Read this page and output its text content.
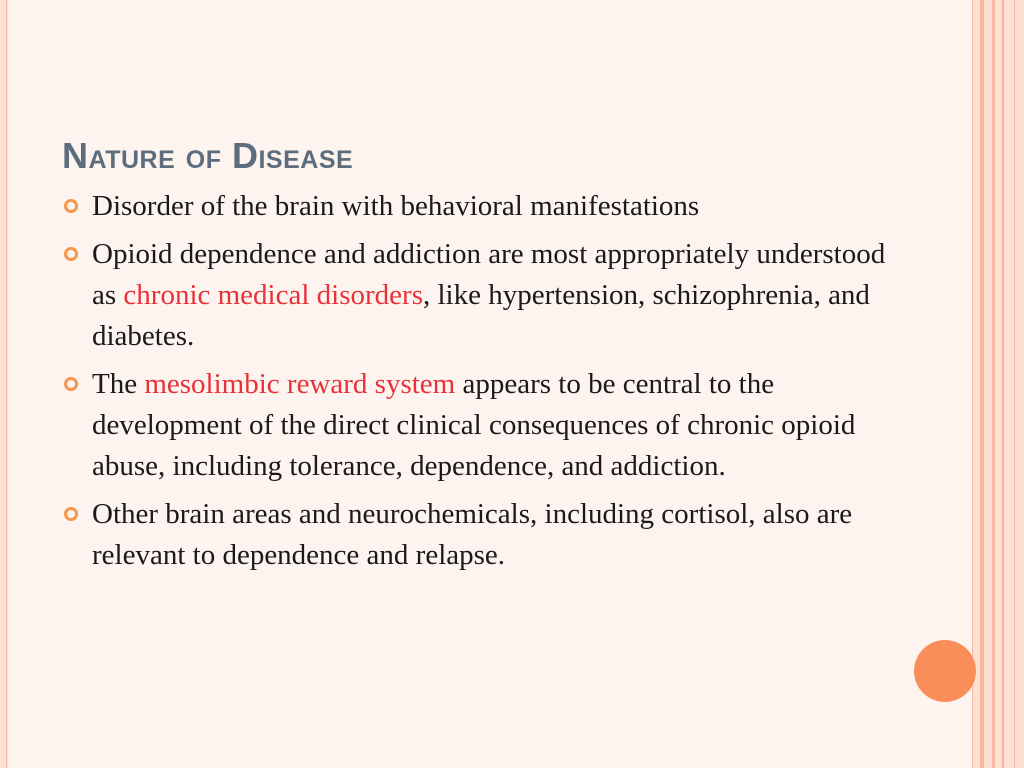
Nature of Disease
Disorder of the brain with behavioral manifestations
Opioid dependence and addiction are most appropriately understood as chronic medical disorders, like hypertension, schizophrenia, and diabetes.
The mesolimbic reward system appears to be central to the development of the direct clinical consequences of chronic opioid abuse, including tolerance, dependence, and addiction.
Other brain areas and neurochemicals, including cortisol, also are relevant to dependence and relapse.
